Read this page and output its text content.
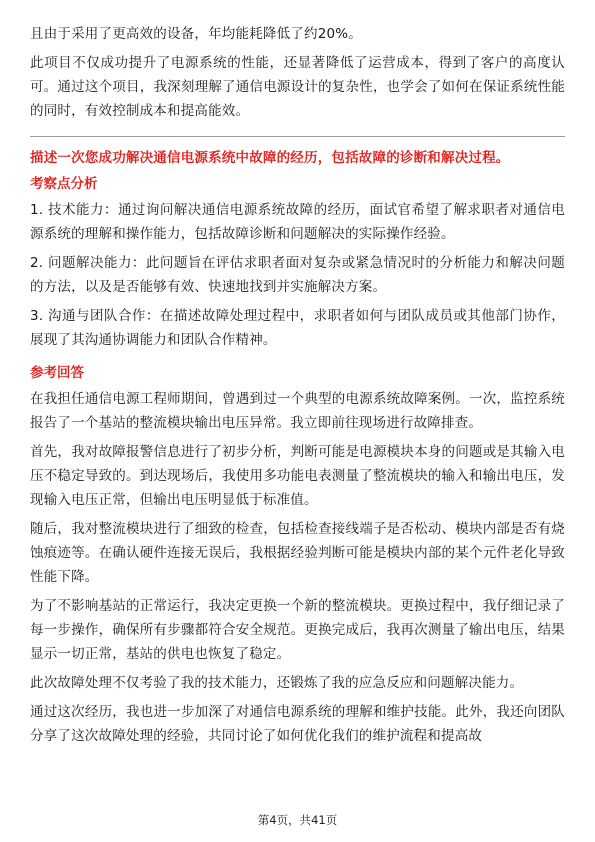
且由于采用了更高效的设备，年均能耗降低了约20%。

此项目不仅成功提升了电源系统的性能，还显著降低了运营成本，得到了客户的高度认可。通过这个项目，我深刻理解了通信电源设计的复杂性，也学会了如何在保证系统性能的同时，有效控制成本和提高能效。

描述一次您成功解决通信电源系统中故障的经历，包括故障的诊断和解决过程。
考察点分析

1. 技术能力：通过询问解决通信电源系统故障的经历，面试官希望了解求职者对通信电源系统的理解和操作能力，包括故障诊断和问题解决的实际操作经验。

2. 问题解决能力：此问题旨在评估求职者面对复杂或紧急情况时的分析能力和解决问题的方法，以及是否能够有效、快速地找到并实施解决方案。

3. 沟通与团队合作：在描述故障处理过程中，求职者如何与团队成员或其他部门协作，展现了其沟通协调能力和团队合作精神。

参考回答

在我担任通信电源工程师期间，曾遇到过一个典型的电源系统故障案例。一次，监控系统报告了一个基站的整流模块输出电压异常。我立即前往现场进行故障排查。

首先，我对故障报警信息进行了初步分析，判断可能是电源模块本身的问题或是其输入电压不稳定导致的。到达现场后，我使用多功能电表测量了整流模块的输入和输出电压，发现输入电压正常，但输出电压明显低于标准值。

随后，我对整流模块进行了细致的检查，包括检查接线端子是否松动、模块内部是否有烧蚀痕迹等。在确认硬件连接无误后，我根据经验判断可能是模块内部的某个元件老化导致性能下降。

为了不影响基站的正常运行，我决定更换一个新的整流模块。更换过程中，我仔细记录了每一步操作，确保所有步骤都符合安全规范。更换完成后，我再次测量了输出电压，结果显示一切正常，基站的供电也恢复了稳定。

此次故障处理不仅考验了我的技术能力，还锻炼了我的应急反应和问题解决能力。

通过这次经历，我也进一步加深了对通信电源系统的理解和维护技能。此外，我还向团队分享了这次故障处理的经验，共同讨论了如何优化我们的维护流程和提高故

第4页，共41页
